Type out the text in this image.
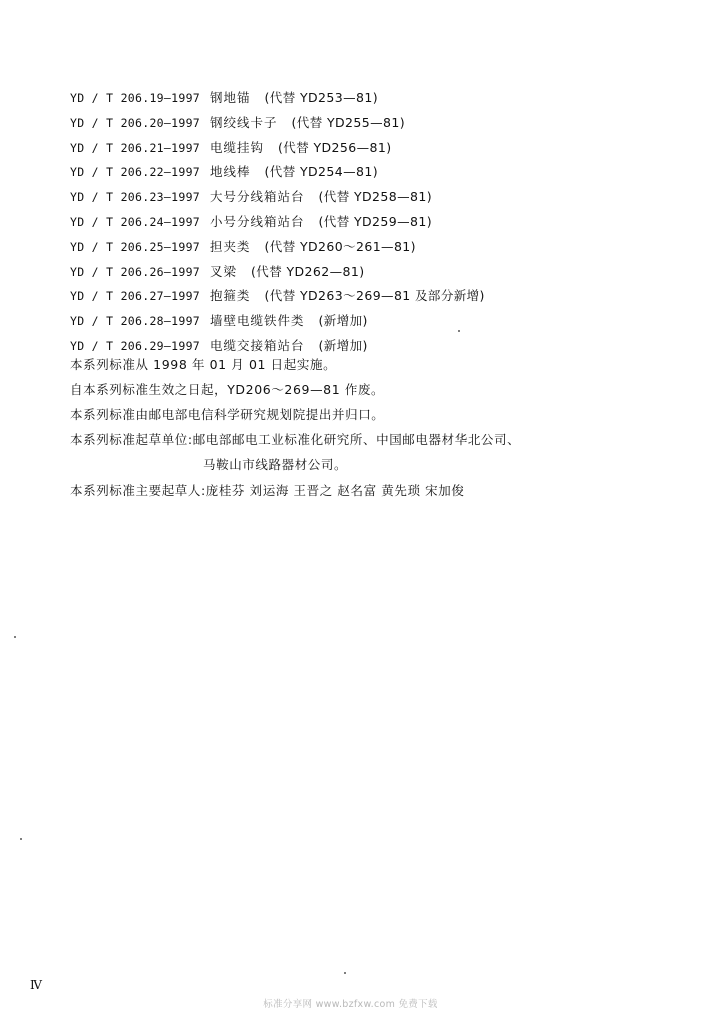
YD / T 206.19—1997 钢地锚 (代替 YD253—81)
YD / T 206.20—1997 钢绞线卡子 (代替 YD255—81)
YD / T 206.21—1997 电缆挂钩 (代替 YD256—81)
YD / T 206.22—1997 地线棒 (代替 YD254—81)
YD / T 206.23—1997 大号分线箱站台 (代替 YD258—81)
YD / T 206.24—1997 小号分线箱站台 (代替 YD259—81)
YD / T 206.25—1997 担夹类 (代替 YD260～261—81)
YD / T 206.26—1997 叉梁 (代替 YD262—81)
YD / T 206.27—1997 抱箍类 (代替 YD263～269—81 及部分新增)
YD / T 206.28—1997 墙壁电缆铁件类 (新增加)
YD / T 206.29—1997 电缆交接箱站台 (新增加)
本系列标准从 1998 年 01 月 01 日起实施。
自本系列标准生效之日起，YD206～269—81 作废。
本系列标准由邮电部电信科学研究规划院提出并归口。
本系列标准起草单位:邮电部邮电工业标准化研究所、中国邮电器材华北公司、
马鞍山市线路器材公司。
本系列标准主要起草人:庞桂芬 刘运海 王晋之 赵名富 黄先琐 宋加俊
Ⅳ
标准分享网 www.bzfxw.com 免费下载
